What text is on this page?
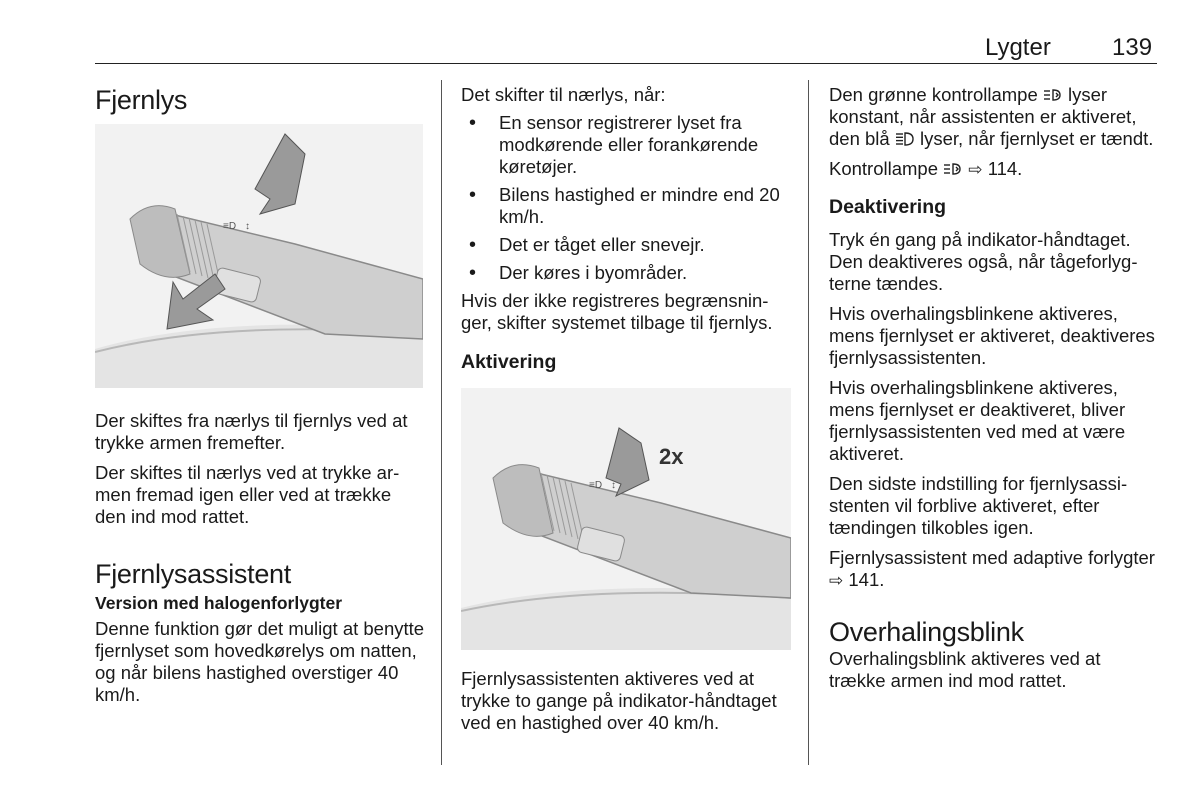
Lygter	139
Fjernlys
≡D ↕

Der skiftes fra nærlys til fjernlys ved at trykke armen fremefter.

Der skiftes til nærlys ved at trykke armen fremad igen eller ved at trække den ind mod rattet.

Fjernlysassistent
Version med halogenforlygter

Denne funktion gør det muligt at benytte fjernlyset som hovedkørelys om natten, og når bilens hastighed overstiger 40 km/h.

Det skifter til nærlys, når:

• En sensor registrerer lyset fra modkørende eller forankørende køretøjer.
• Bilens hastighed er mindre end 20 km/h.
• Det er tåget eller snevejr.
• Der køres i byområder.

Hvis der ikke registreres begrænsninger, skifter systemet tilbage til fjernlys.

Aktivering
≡D ↕
2x

Fjernlysassistenten aktiveres ved at trykke to gange på indikator-håndtaget ved en hastighed over 40 km/h.

Den grønne kontrollampe lyser konstant, når assistenten er aktiveret, den blå lyser, når fjernlyset er tændt.

Kontrollampe ⇨ 114.

Deaktivering

Tryk én gang på indikator-håndtaget. Den deaktiveres også, når tågeforlygterne tændes.

Hvis overhalingsblinkene aktiveres, mens fjernlyset er aktiveret, deaktiveres fjernlysassistenten.

Hvis overhalingsblinkene aktiveres, mens fjernlyset er deaktiveret, bliver fjernlysassistenten ved med at være aktiveret.

Den sidste indstilling for fjernlysassistenten vil forblive aktiveret, efter tændingen tilkobles igen.

Fjernlysassistent med adaptive forlygter ⇨ 141.

Overhalingsblink

Overhalingsblink aktiveres ved at trække armen ind mod rattet.
